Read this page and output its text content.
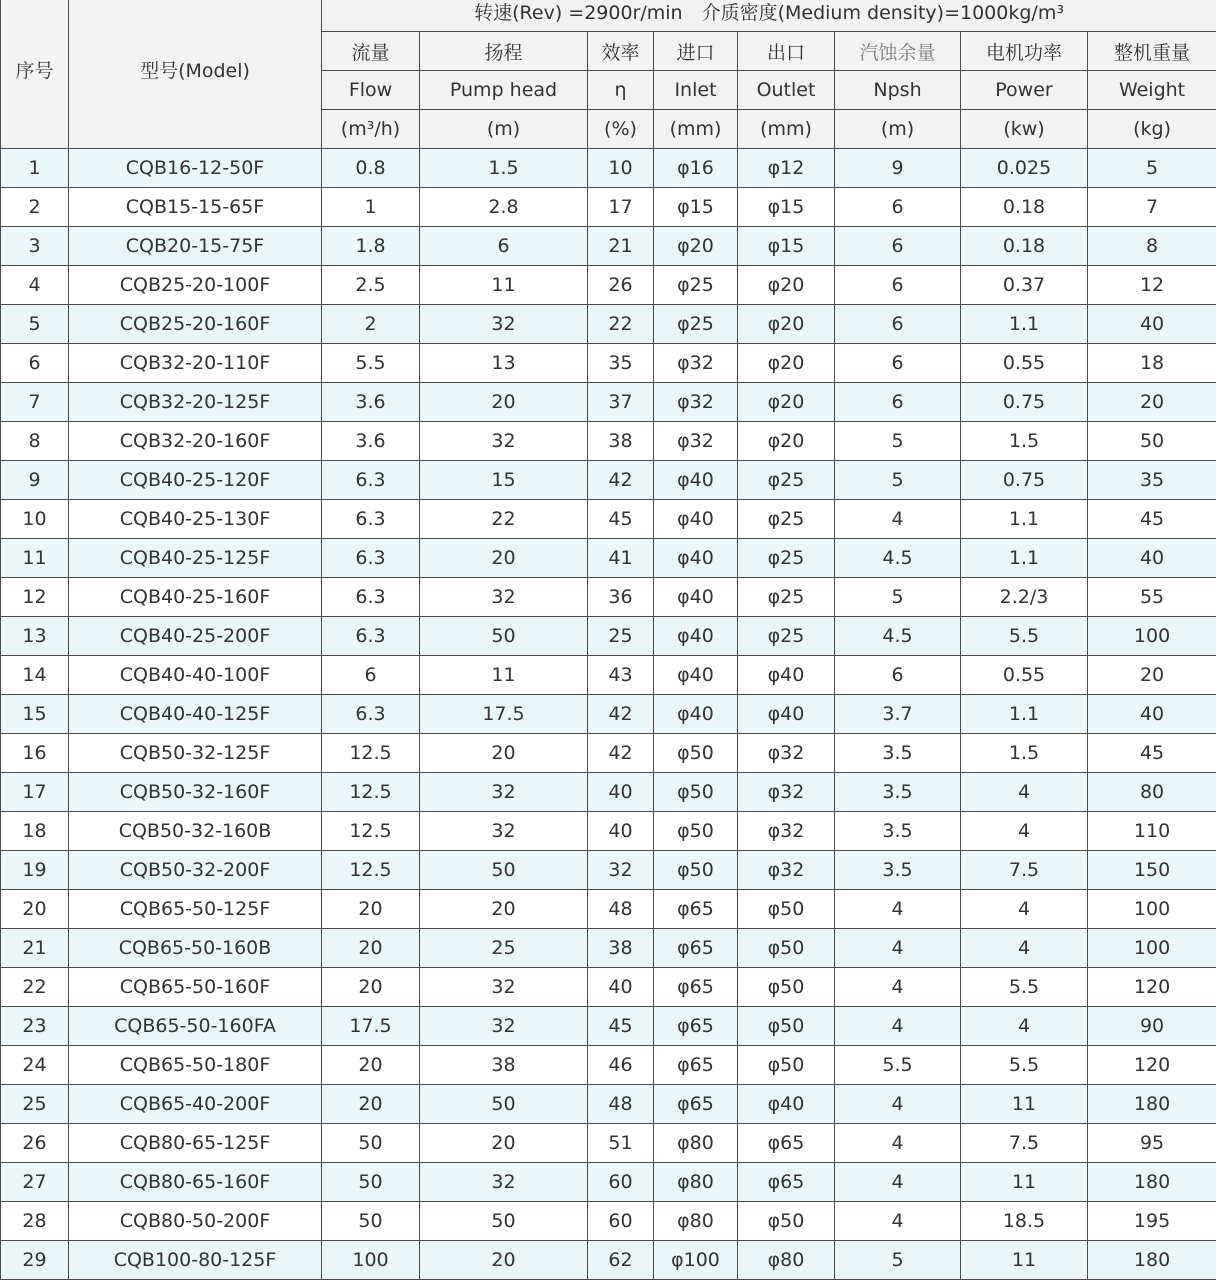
序号	型号(Model)	转速(Rev) =2900r/min　介质密度(Medium density)=1000kg/m³							
		流量	扬程	效率	进口	出口	汽蚀余量	电机功率	整机重量
		Flow	Pump head	η	Inlet	Outlet	Npsh	Power	Weight
		(m³/h)	(m)	(%)	(mm)	(mm)	(m)	(kw)	(kg)
1	CQB16-12-50F	0.8	1.5	10	φ16	φ12	9	0.025	5
2	CQB15-15-65F	1	2.8	17	φ15	φ15	6	0.18	7
3	CQB20-15-75F	1.8	6	21	φ20	φ15	6	0.18	8
4	CQB25-20-100F	2.5	11	26	φ25	φ20	6	0.37	12
5	CQB25-20-160F	2	32	22	φ25	φ20	6	1.1	40
6	CQB32-20-110F	5.5	13	35	φ32	φ20	6	0.55	18
7	CQB32-20-125F	3.6	20	37	φ32	φ20	6	0.75	20
8	CQB32-20-160F	3.6	32	38	φ32	φ20	5	1.5	50
9	CQB40-25-120F	6.3	15	42	φ40	φ25	5	0.75	35
10	CQB40-25-130F	6.3	22	45	φ40	φ25	4	1.1	45
11	CQB40-25-125F	6.3	20	41	φ40	φ25	4.5	1.1	40
12	CQB40-25-160F	6.3	32	36	φ40	φ25	5	2.2/3	55
13	CQB40-25-200F	6.3	50	25	φ40	φ25	4.5	5.5	100
14	CQB40-40-100F	6	11	43	φ40	φ40	6	0.55	20
15	CQB40-40-125F	6.3	17.5	42	φ40	φ40	3.7	1.1	40
16	CQB50-32-125F	12.5	20	42	φ50	φ32	3.5	1.5	45
17	CQB50-32-160F	12.5	32	40	φ50	φ32	3.5	4	80
18	CQB50-32-160B	12.5	32	40	φ50	φ32	3.5	4	110
19	CQB50-32-200F	12.5	50	32	φ50	φ32	3.5	7.5	150
20	CQB65-50-125F	20	20	48	φ65	φ50	4	4	100
21	CQB65-50-160B	20	25	38	φ65	φ50	4	4	100
22	CQB65-50-160F	20	32	40	φ65	φ50	4	5.5	120
23	CQB65-50-160FA	17.5	32	45	φ65	φ50	4	4	90
24	CQB65-50-180F	20	38	46	φ65	φ50	5.5	5.5	120
25	CQB65-40-200F	20	50	48	φ65	φ40	4	11	180
26	CQB80-65-125F	50	20	51	φ80	φ65	4	7.5	95
27	CQB80-65-160F	50	32	60	φ80	φ65	4	11	180
28	CQB80-50-200F	50	50	60	φ80	φ50	4	18.5	195
29	CQB100-80-125F	100	20	62	φ100	φ80	5	11	180
